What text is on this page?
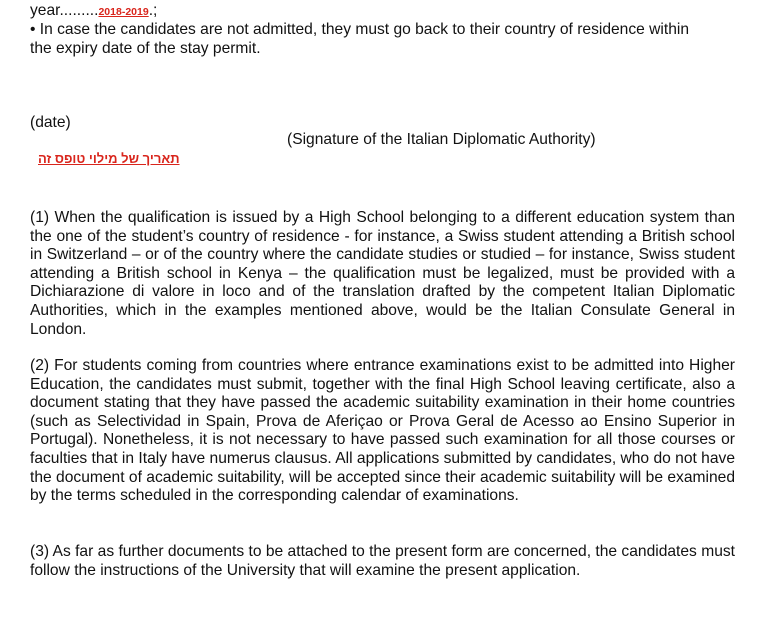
year.........2018-2019.;
• In case the candidates are not admitted, they must go back to their country of residence within
the expiry date of the stay permit.
(date)
(Signature of the Italian Diplomatic Authority)
תאריך של מילוי טופס זה
(1) When the qualification is issued by a High School belonging to a different education system than the one of the student’s country of residence - for instance, a Swiss student attending a British school in Switzerland – or of the country where the candidate studies or studied – for instance, Swiss student attending a British school in Kenya – the qualification must be legalized, must be provided with a Dichiarazione di valore in loco and of the translation drafted by the competent Italian Diplomatic Authorities, which in the examples mentioned above, would be the Italian Consulate General in London.
(2) For students coming from countries where entrance examinations exist to be admitted into Higher Education, the candidates must submit, together with the final High School leaving certificate, also a document stating that they have passed the academic suitability examination in their home countries (such as Selectividad in Spain, Prova de Aferiçao or Prova Geral de Acesso ao Ensino Superior in Portugal). Nonetheless, it is not necessary to have passed such examination for all those courses or faculties that in Italy have numerus clausus. All applications submitted by candidates, who do not have the document of academic suitability, will be accepted since their academic suitability will be examined by the terms scheduled in the corresponding calendar of examinations.
(3) As far as further documents to be attached to the present form are concerned, the candidates must follow the instructions of the University that will examine the present application.
